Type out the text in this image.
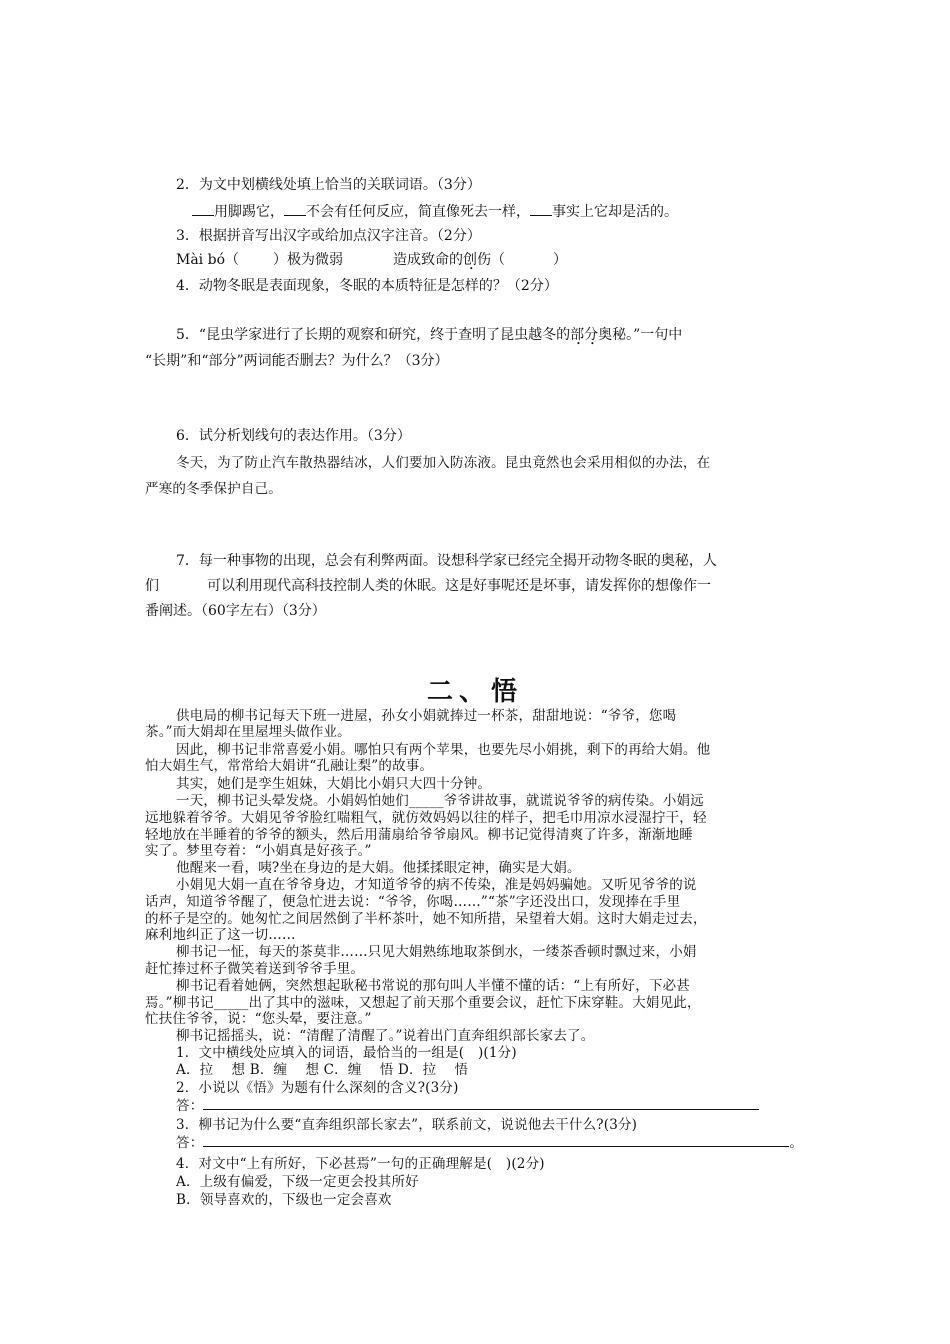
2．为文中划横线处填上恰当的关联词语。（3分）
用脚踢它， 不会有任何反应，简直像死去一样， 事实上它却是活的。
3．根据拼音写出汉字或给加点汉字注音。（2分）
Mài bó（ ）极为微弱	造成致命的创伤（	）
4．动物冬眠是表面现象，冬眠的本质特征是怎样的？（2分）
5．“昆虫学家进行了长期的观察和研究，终于查明了昆虫越冬的部分奥秘。”一句中
“长期”和“部分”两词能否删去？为什么？（3分）
6．试分析划线句的表达作用。（3分）
冬天，为了防止汽车散热器结冰，人们要加入防冻液。昆虫竟然也会采用相似的办法，在
严寒的冬季保护自己。
7．每一种事物的出现，总会有利弊两面。设想科学家已经完全揭开动物冬眠的奥秘，人
们	可以利用现代高科技控制人类的休眠。这是好事呢还是坏事，请发挥你的想像作一
番阐述。（60字左右）（3分）
二、悟
供电局的柳书记每天下班一进屋，孙女小娟就捧过一杯茶，甜甜地说：“爷爷，您喝
茶。”而大娟却在里屋埋头做作业。
因此，柳书记非常喜爱小娟。哪怕只有两个苹果，也要先尽小娟挑，剩下的再给大娟。他
怕大娟生气，常常给大娟讲“孔融让梨”的故事。
其实，她们是孪生姐妹，大娟比小娟只大四十分钟。
一天，柳书记头晕发烧。小娟妈怕她们_____爷爷讲故事，就谎说爷爷的病传染。小娟远
远地躲着爷爷。大娟见爷爷脸红喘粗气，就仿效妈妈以往的样子，把毛巾用凉水浸湿拧干，轻
轻地放在半睡着的爷爷的额头，然后用蒲扇给爷爷扇风。柳书记觉得清爽了许多，渐渐地睡
实了。梦里夸着：“小娟真是好孩子。”
他醒来一看，咦?坐在身边的是大娟。他揉揉眼定神，确实是大娟。
小娟见大娟一直在爷爷身边，才知道爷爷的病不传染，准是妈妈骗她。又听见爷爷的说
话声，知道爷爷醒了，便急忙进去说：“爷爷，你喝……”“茶”字还没出口，发现捧在手里
的杯子是空的。她匆忙之间居然倒了半杯茶叶，她不知所措，呆望着大娟。这时大娟走过去，
麻利地纠正了这一切……
柳书记一怔，每天的茶莫非……只见大娟熟练地取茶倒水，一缕茶香顿时飘过来，小娟
赶忙捧过杯子微笑着送到爷爷手里。
柳书记看着她俩，突然想起耿秘书常说的那句叫人半懂不懂的话：“上有所好，下必甚
焉。”柳书记_____出了其中的滋味，又想起了前天那个重要会议，赶忙下床穿鞋。大娟见此，
忙扶住爷爷，说：“您头晕，要注意。”
柳书记摇摇头，说：“清醒了清醒了。”说着出门直奔组织部长家去了。
1．文中横线处应填入的词语，最恰当的一组是(　)(1分)
A．拉　 想 B．缠　 想 C．缠　 悟 D．拉　 悟
2．小说以《悟》为题有什么深刻的含义?(3分)
答：
3．柳书记为什么要“直奔组织部长家去”，联系前文，说说他去干什么?(3分)
答：	。
4．对文中“上有所好，下必甚焉”一句的正确理解是(　)(2分)
A．上级有偏爱，下级一定更会投其所好
B．领导喜欢的，下级也一定会喜欢
